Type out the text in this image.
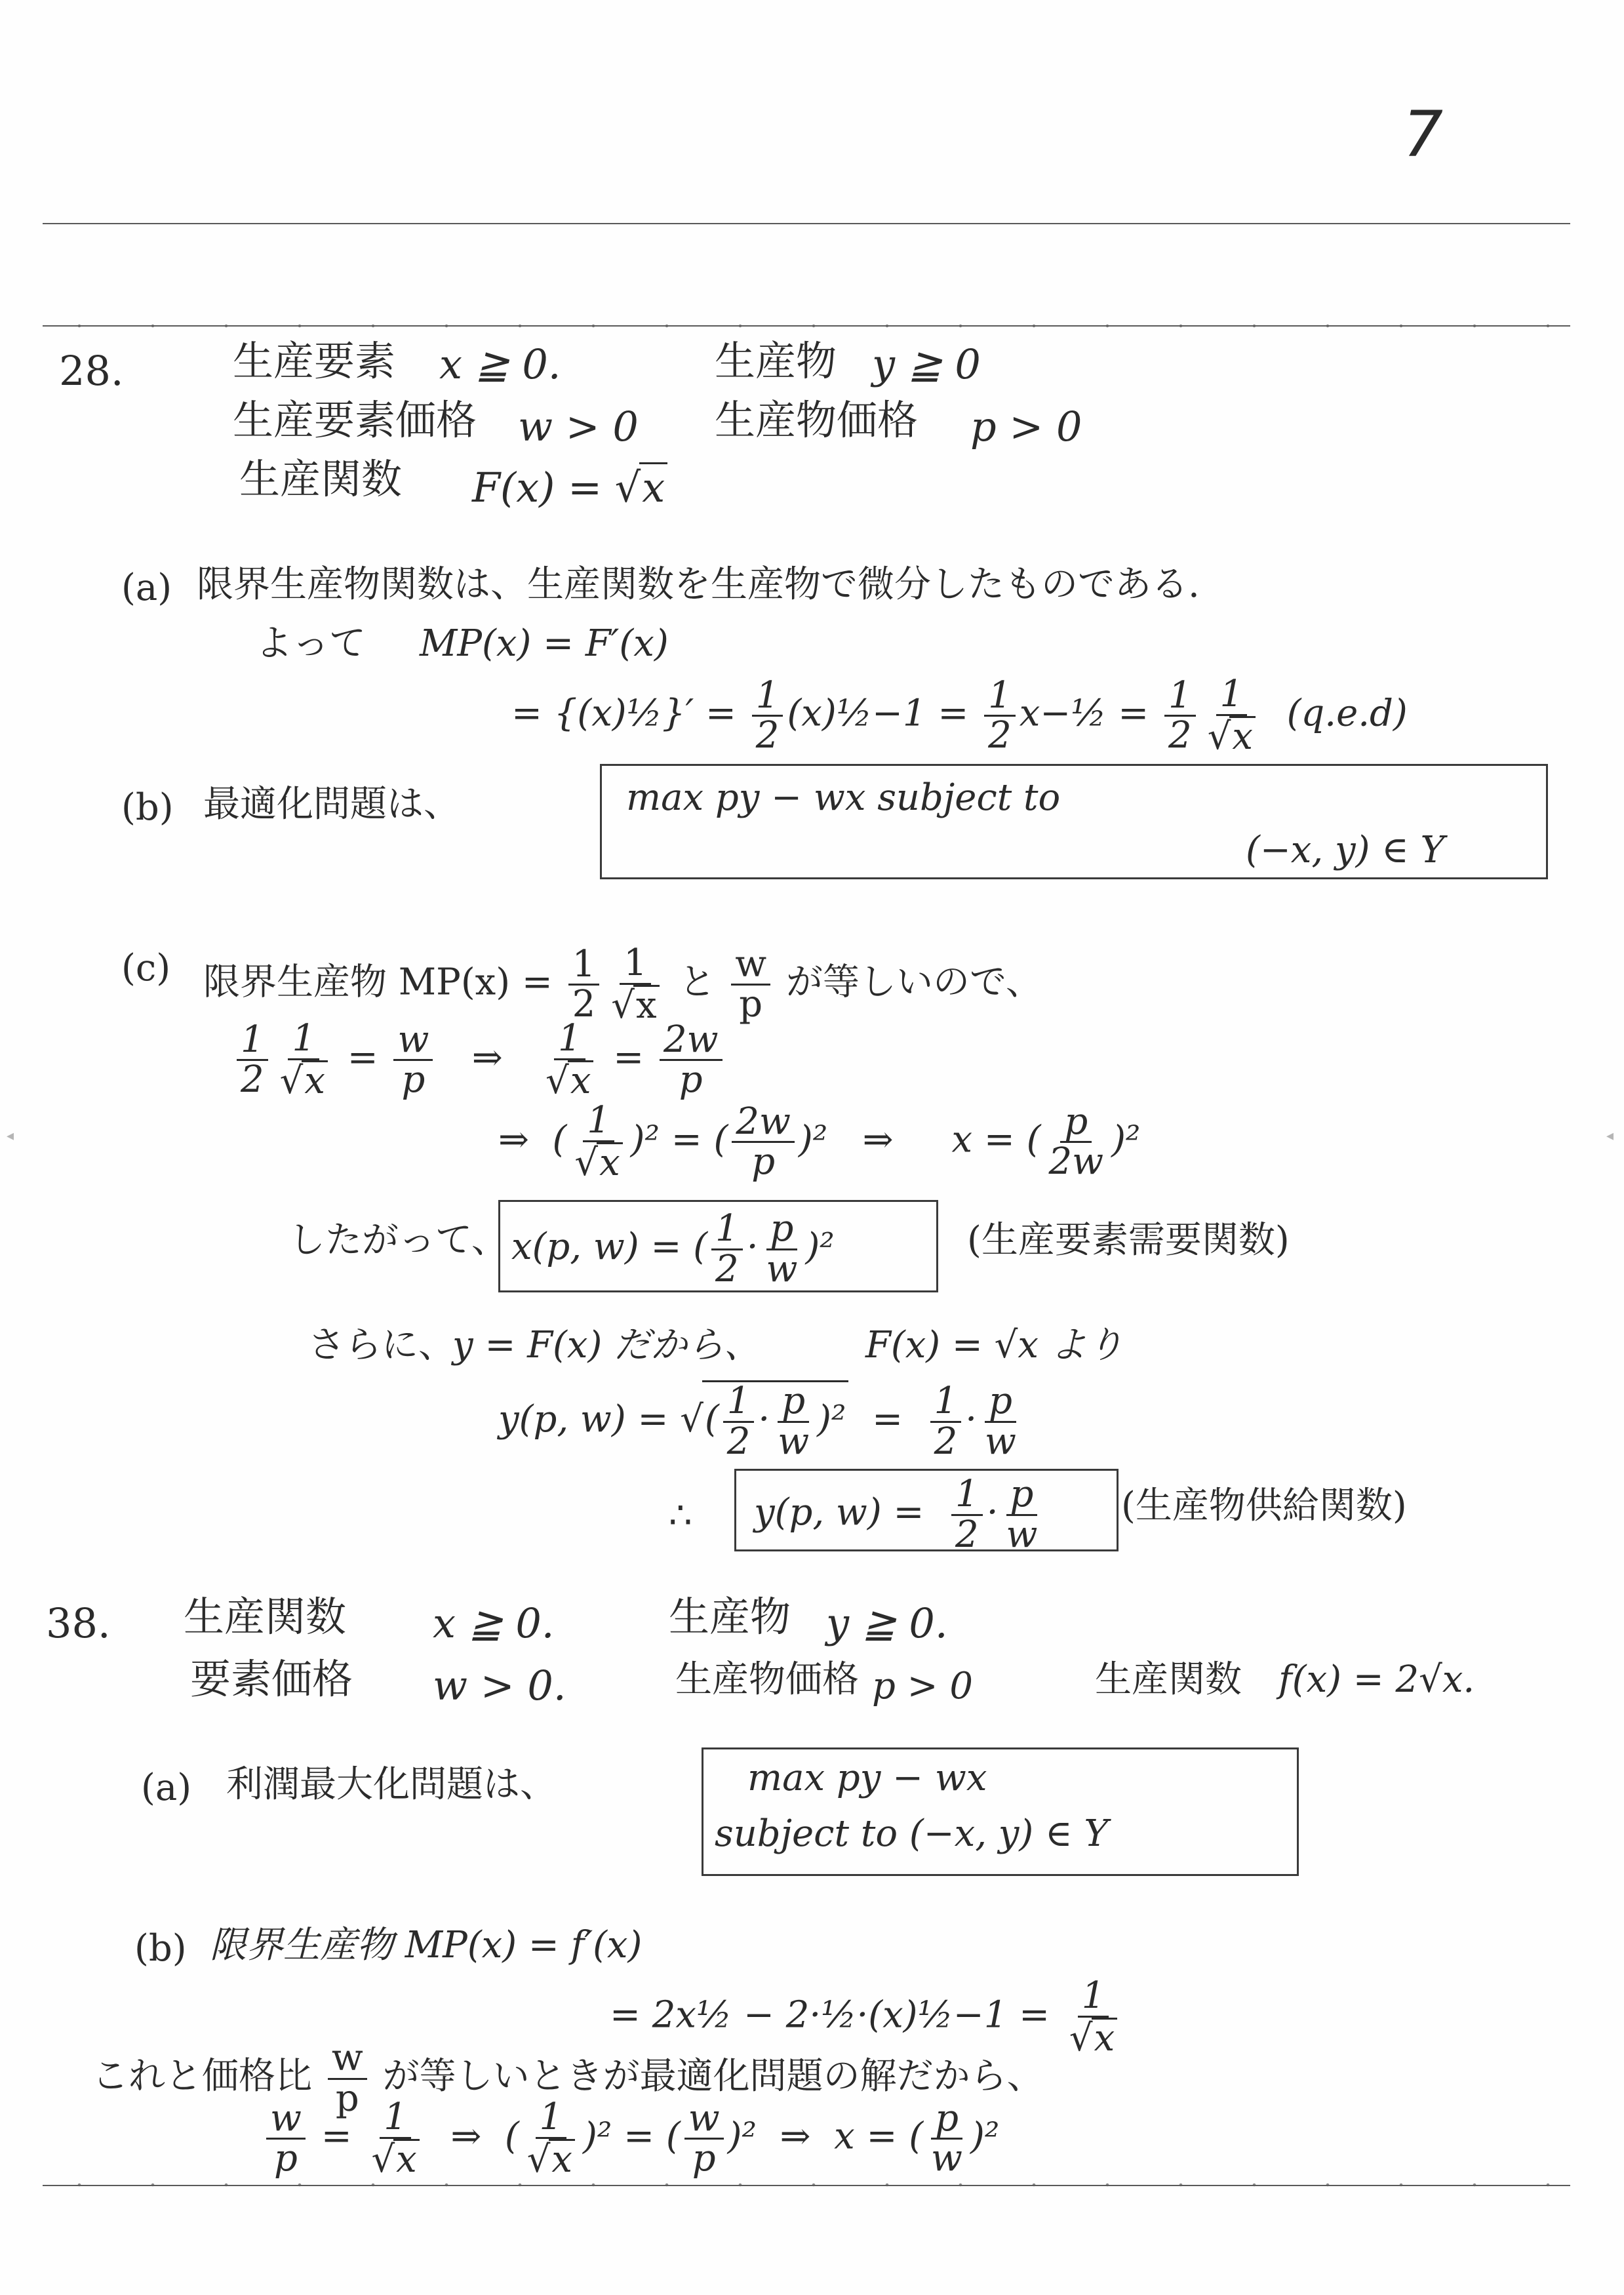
7
◂
◂
28.	生産要素 x ≧ 0.	生産物 y ≧ 0
生産要素価格 w > 0 生産物価格 p > 0
生産関数 F(x) = √x
(a) 限界生産物関数は、生産関数を生産物で微分したものである.
よって MP(x) = F′(x)
= {(x)½}′ = $\frac{1}{2}$ (x)½−1 = $\frac{1}{2}$ x−½ = $\frac{1}{2} \frac{1}{√x} (q.e.d)$
(b) 最適化問題は、	max py − wx subject to
(−x, y) ∈ Y
(c) 限界生産物 $MP(x) = \frac{1}{2} \frac{1}{√x}$ と $\frac{w}{p}$ が等しいので、
$\frac{1}{2} \frac{1}{√x} = \frac{w}{p}$ ⇒ $\frac{1}{√x} = \frac{2w}{p}$
⇒  ( $\frac{1}{√x} )^2$ = ( $\frac{2w}{p} )^2$   ⇒ x = ( $\frac{p}{2w} )^2$
したがって、 x(p, w) = ( $\frac{1}{2} \cdot \frac{p}{w} )^2$	(生産要素需要関数)
さらに、
y = F(x) だから、	F(x) = √x より
y(p, w) = √( $\frac{1}{2} \cdot \frac{p}{w} )^2 = \frac{1}{2} \cdot \frac{p}{w}$
∴ y(p, $w) = \frac{1}{2} \cdot \frac{p}{w}$ (生産物供給関数)
38. 生産関数 x ≧ 0.	生産物 y ≧ 0.
要素価格 w > 0.	生産物価格 p > 0	生産関数 f(x) = 2√x.
(a) 利潤最大化問題は、	max py − wx
subject to (−x, y) ∈ Y
(b) 限界生産物 MP(x) = f′(x)
= 2x½ − 2·½·(x)½−1 = $\frac{1}{√x}$
これと価格比 $\frac{w}{p}$ が等しいときが最適化問題の解だから、
$\frac{w}{p} = \frac{1}{√x}$ ⇒  ( $\frac{1}{√x} )^2$ = ( $\frac{w}{p} )^2$  ⇒ x = ( $\frac{p}{w} )^2$
